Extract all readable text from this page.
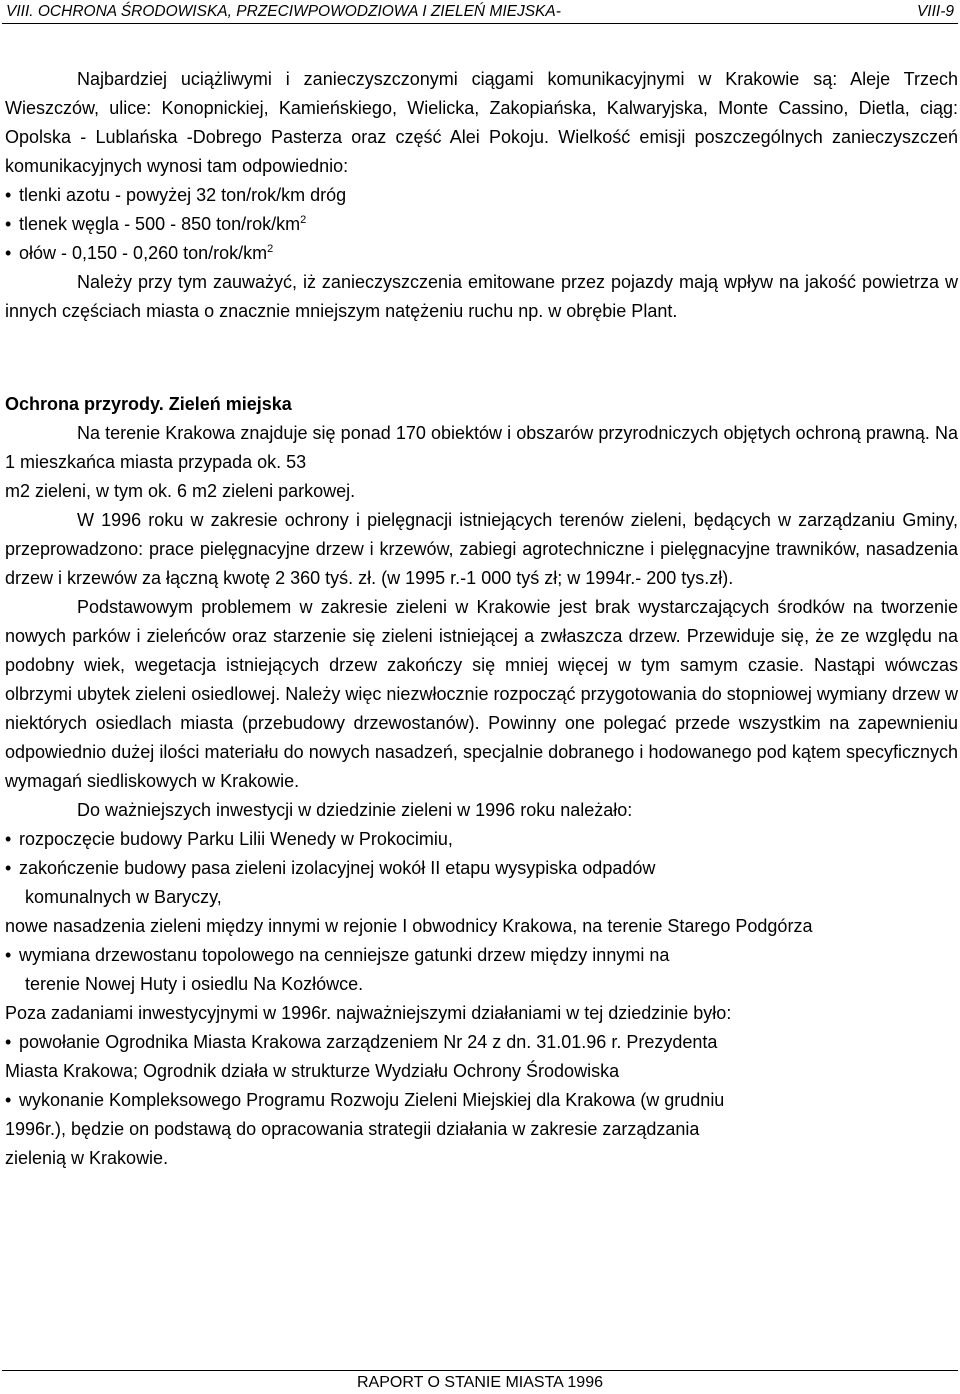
VIII. OCHRONA ŚRODOWISKA, PRZECIWPOWODZIOWA I ZIELEŃ MIEJSKA-	VIII-9

Najbardziej uciążliwymi i zanieczyszczonymi ciągami komunikacyjnymi w Krakowie są: Aleje Trzech Wieszczów, ulice: Konopnickiej, Kamieńskiego, Wielicka, Zakopiańska, Kalwaryjska, Monte Cassino, Dietla, ciąg: Opolska - Lublańska -Dobrego Pasterza oraz część Alei Pokoju. Wielkość emisji poszczególnych zanieczyszczeń komunikacyjnych wynosi tam odpowiednio:

• tlenki azotu - powyżej 32 ton/rok/km dróg
• tlenek węgla - 500 - 850 ton/$rok/km^2$
• ołów - 0,150 - 0,260 ton/$rok/km^2$

Należy przy tym zauważyć, iż zanieczyszczenia emitowane przez pojazdy mają wpływ na jakość powietrza w innych częściach miasta o znacznie mniejszym natężeniu ruchu np. w obrębie Plant.

Ochrona przyrody. Zieleń miejska

Na terenie Krakowa znajduje się ponad 170 obiektów i obszarów przyrodniczych objętych ochroną prawną. Na 1 mieszkańca miasta przypada ok. 53

m2 zieleni, w tym ok. 6 m2 zieleni parkowej.

W 1996 roku w zakresie ochrony i pielęgnacji istniejących terenów zieleni, będących w zarządzaniu Gminy, przeprowadzono: prace pielęgnacyjne drzew i krzewów, zabiegi agrotechniczne i pielęgnacyjne trawników, nasadzenia drzew i krzewów za łączną kwotę 2 360 tyś. zł. (w 1995 r.-1 000 tyś zł; w 1994r.- 200 tys.zł).

Podstawowym problemem w zakresie zieleni w Krakowie jest brak wystarczających środków na tworzenie nowych parków i zieleńców oraz starzenie się zieleni istniejącej a zwłaszcza drzew. Przewiduje się, że ze względu na podobny wiek, wegetacja istniejących drzew zakończy się mniej więcej w tym samym czasie. Nastąpi wówczas olbrzymi ubytek zieleni osiedlowej. Należy więc niezwłocznie rozpocząć przygotowania do stopniowej wymiany drzew w niektórych osiedlach miasta (przebudowy drzewostanów). Powinny one polegać przede wszystkim na zapewnieniu odpowiednio dużej ilości materiału do nowych nasadzeń, specjalnie dobranego i hodowanego pod kątem specyficznych wymagań siedliskowych w Krakowie.

Do ważniejszych inwestycji w dziedzinie zieleni w 1996 roku należało:

• rozpoczęcie budowy Parku Lilii Wenedy w Prokocimiu,
• zakończenie budowy pasa zieleni izolacyjnej wokół II etapu wysypiska odpadów
komunalnych w Baryczy,

nowe nasadzenia zieleni między innymi w rejonie I obwodnicy Krakowa, na terenie Starego Podgórza

• wymiana drzewostanu topolowego na cenniejsze gatunki drzew między innymi na
terenie Nowej Huty i osiedlu Na Kozłówce.

Poza zadaniami inwestycyjnymi w 1996r. najważniejszymi działaniami w tej dziedzinie było:

• powołanie Ogrodnika Miasta Krakowa zarządzeniem Nr 24 z dn. 31.01.96 r. Prezydenta

Miasta Krakowa; Ogrodnik działa w strukturze Wydziału Ochrony Środowiska

• wykonanie Kompleksowego Programu Rozwoju Zieleni Miejskiej dla Krakowa (w grudniu

1996r.), będzie on podstawą do opracowania strategii działania w zakresie zarządzania

zielenią w Krakowie.

RAPORT O STANIE MIASTA 1996
